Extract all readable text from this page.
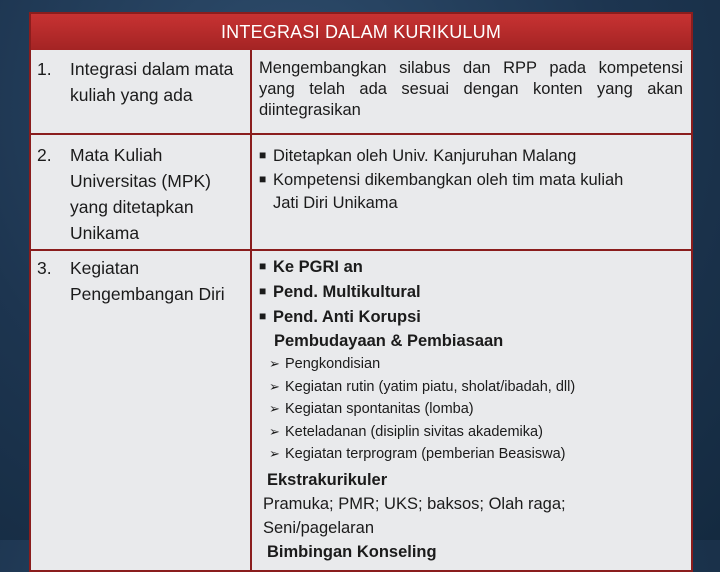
INTEGRASI DALAM KURIKULUM
1. Integrasi dalam mata kuliah yang ada
Mengembangkan silabus dan RPP pada kompetensi yang telah ada sesuai dengan konten yang akan diintegrasikan
2. Mata Kuliah Universitas (MPK) yang ditetapkan Unikama
■ Ditetapkan oleh Univ. Kanjuruhan Malang
■ Kompetensi dikembangkan oleh tim mata kuliah
Jati Diri Unikama
3. Kegiatan Pengembangan Diri
■ Ke PGRI an
■ Pend. Multikultural
■ Pend. Anti Korupsi
Pembudayaan & Pembiasaan
➢ Pengkondisian
➢ Kegiatan rutin (yatim piatu, sholat/ibadah, dll)
➢ Kegiatan spontanitas (lomba)
➢ Keteladanan (disiplin sivitas akademika)
➢ Kegiatan terprogram (pemberian Beasiswa)
Ekstrakurikuler
Pramuka; PMR; UKS; baksos; Olah raga;
Seni/pagelaran
Bimbingan Konseling
